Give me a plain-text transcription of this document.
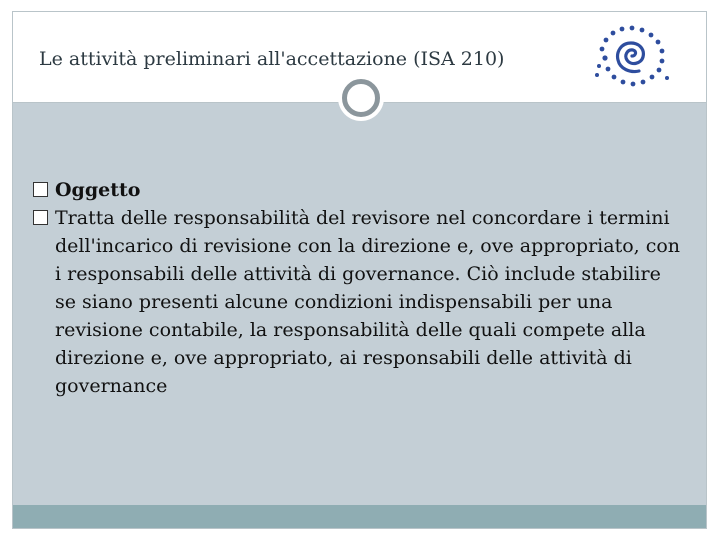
Le attività preliminari all'accettazione (ISA 210)
Oggetto
Tratta delle responsabilità del revisore nel concordare i termini dell'incarico di revisione con la direzione e, ove appropriato, con i responsabili delle attività di governance. Ciò include stabilire se siano presenti alcune condizioni indispensabili per una revisione contabile, la responsabilità delle quali compete alla direzione e, ove appropriato, ai responsabili delle attività di governance
